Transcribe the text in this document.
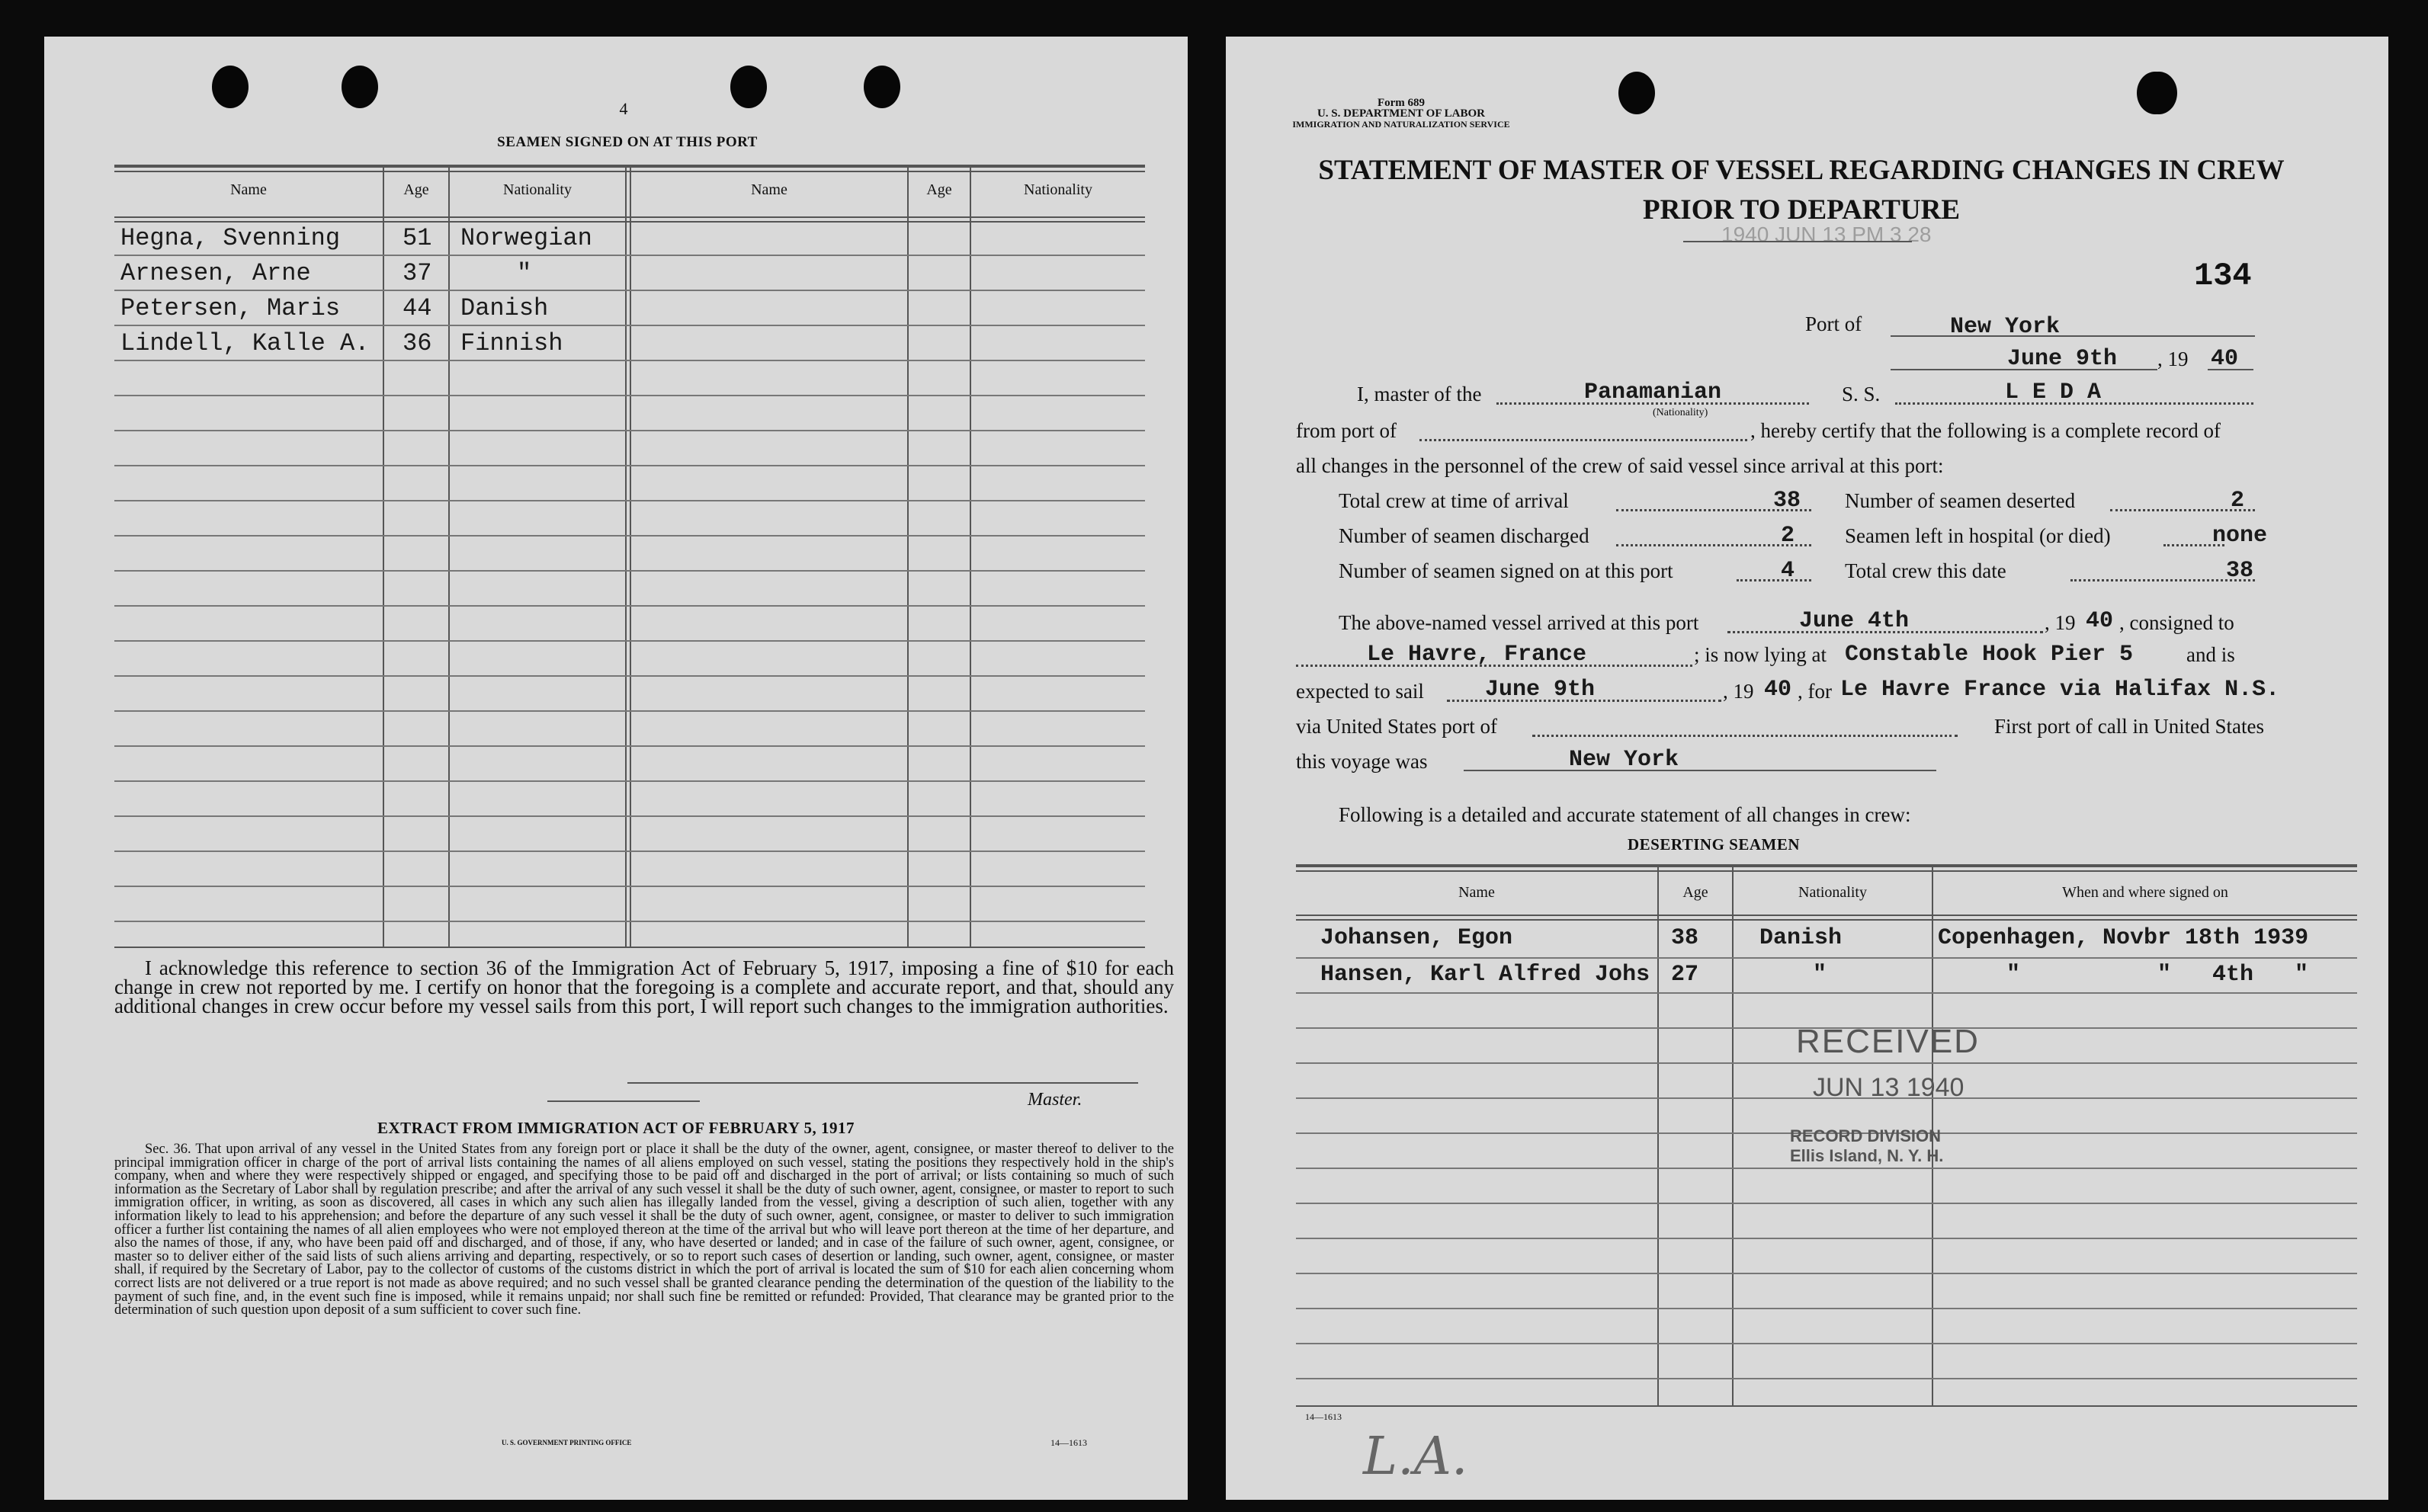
4
SEAMEN SIGNED ON AT THIS PORT
Name	Age	Nationality	Name	Age	Nationality
Hegna, Svenning	51 Norwegian
Arnesen, Arne	37	"
Petersen, Maris	44 Danish
Lindell, Kalle A. 36 Finnish
I acknowledge this reference to section 36 of the Immigration Act of February 5, 1917, imposing a fine of $10 for each change in crew not reported by me. I certify on honor that the foregoing is a complete and accurate report, and that, should any additional changes in crew occur before my vessel sails from this port, I will report such changes to the immigration authorities.
Master.
EXTRACT FROM IMMIGRATION ACT OF FEBRUARY 5, 1917
Sec. 36. That upon arrival of any vessel in the United States from any foreign port or place it shall be the duty of the owner, agent, consignee, or master thereof to deliver to the principal immigration officer in charge of the port of arrival lists containing the names of all aliens employed on such vessel, stating the positions they respectively hold in the ship's company, when and where they were respectively shipped or engaged, and specifying those to be paid off and discharged in the port of arrival; or lists containing so much of such information as the Secretary of Labor shall by regulation prescribe; and after the arrival of any such vessel it shall be the duty of such owner, agent, consignee, or master to report to such immigration officer, in writing, as soon as discovered, all cases in which any such alien has illegally landed from the vessel, giving a description of such alien, together with any information likely to lead to his apprehension; and before the departure of any such vessel it shall be the duty of such owner, agent, consignee, or master to deliver to such immigration officer a further list containing the names of all alien employees who were not employed thereon at the time of the arrival but who will leave port thereon at the time of her departure, and also the names of those, if any, who have been paid off and discharged, and of those, if any, who have deserted or landed; and in case of the failure of such owner, agent, consignee, or master so to deliver either of the said lists of such aliens arriving and departing, respectively, or so to report such cases of desertion or landing, such owner, agent, consignee, or master shall, if required by the Secretary of Labor, pay to the collector of customs of the customs district in which the port of arrival is located the sum of $10 for each alien concerning whom correct lists are not delivered or a true report is not made as above required; and no such vessel shall be granted clearance pending the determination of the question of the liability to the payment of such fine, and, in the event such fine is imposed, while it remains unpaid; nor shall such fine be remitted or refunded: Provided, That clearance may be granted prior to the determination of such question upon deposit of a sum sufficient to cover such fine.
U. S. GOVERNMENT PRINTING OFFICE	14—1613
Form 689
U. S. DEPARTMENT OF LABOR
IMMIGRATION AND NATURALIZATION SERVICE
STATEMENT OF MASTER OF VESSEL REGARDING CHANGES IN CREW
PRIOR TO DEPARTURE
1940 JUN 13 PM 3 28
134
Port of	New York
June 9th , 19 40
I, master of the	Panamanian
(Nationality)
S. S.	L E D A
from port of	, hereby certify that the following is a complete record of
all changes in the personnel of the crew of said vessel since arrival at this port:
Total crew at time of arrival	38 Number of seamen deserted	2
Number of seamen discharged	2 Seamen left in hospital (or died)	none
Number of seamen signed on at this port	4 Total crew this date	38
The above-named vessel arrived at this port	June 4th	, 19 40 , consigned to
Le Havre, France	; is now lying at Constable Hook Pier 5	and is
expected to sail	June 9th	, 19 40 , for Le Havre France via Halifax N.S.
via United States port of	First port of call in United States
this voyage was	New York
Following is a detailed and accurate statement of all changes in crew:
DESERTING SEAMEN
Name	Age	Nationality	When and where signed on
Johansen, Egon	38	Danish	Copenhagen, Novbr 18th 1939
Hansen, Karl Alfred Johs 27	"	"          "   4th   "
RECEIVED
JUN 13 1940
RECORD DIVISION
Ellis Island, N. Y. H.
14—1613
L.A.
